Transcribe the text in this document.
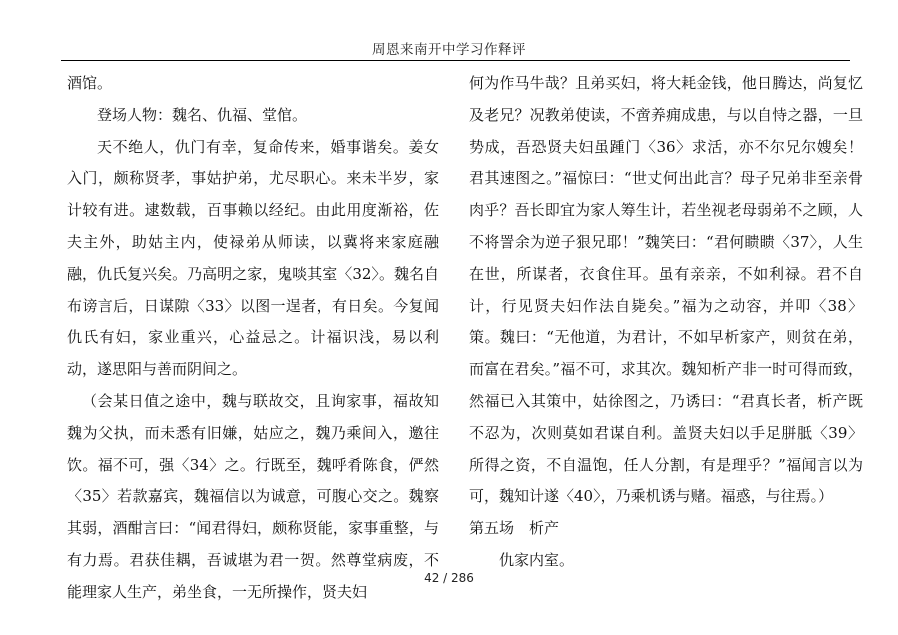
周恩来南开中学习作释评

酒馆。

登场人物：魏名、仇福、堂倌。

天不绝人，仇门有幸，复命传来，婚事谐矣。姜女入门，颇称贤孝，事姑护弟，尤尽职心。来未半岁，家计较有进。逮数载，百事赖以经纪。由此用度渐裕，佐夫主外，助姑主内，使禄弟从师读，以冀将来家庭融融，仇氏复兴矣。乃高明之家，鬼啖其室〈32〉。魏名自布谤言后，日谋隙〈33〉以图一逞者，有日矣。今复闻仇氏有妇，家业重兴，心益忌之。计福识浅，易以利动，遂思阳与善而阴间之。

（会某日值之途中，魏与联故交，且询家事，福故知魏为父执，而未悉有旧嫌，姑应之，魏乃乘间入，邀往饮。福不可，强〈34〉之。行既至，魏呼肴陈食，俨然〈35〉若款嘉宾，魏福信以为诚意，可腹心交之。魏察其弱，酒酣言曰：“闻君得妇，颇称贤能，家事重整，与有力焉。君获佳耦，吾诚堪为君一贺。然尊堂病废，不能理家人生产，弟坐食，一无所操作，贤夫妇

何为作马牛哉？且弟买妇，将大耗金钱，他日腾达，尚复忆及老兄？况教弟使读，不啻养痈成患，与以自恃之器，一旦势成，吾恐贤夫妇虽踵门〈36〉求活，亦不尔兄尔嫂矣！君其速图之。”福惊曰：“世丈何出此言？母子兄弟非至亲骨肉乎？吾长即宜为家人筹生计，若坐视老母弱弟不之顾，人不将詈余为逆子狠兄耶！”魏笑曰：“君何瞆瞆〈37〉，人生在世，所谋者，衣食住耳。虽有亲亲，不如利禄。君不自计，行见贤夫妇作法自毙矣。”福为之动容，并叩〈38〉策。魏曰：“无他道，为君计，不如早析家产，则贫在弟，而富在君矣。”福不可，求其次。魏知析产非一时可得而致，然福已入其策中，姑徐图之，乃诱曰：“君真长者，析产既不忍为，次则莫如君谋自利。盖贤夫妇以手足胼胝〈39〉所得之资，不自温饱，任人分割，有是理乎？”福闻言以为可，魏知计遂〈40〉，乃乘机诱与赌。福惑，与往焉。）

第五场　析产

仇家内室。

42 / 286
